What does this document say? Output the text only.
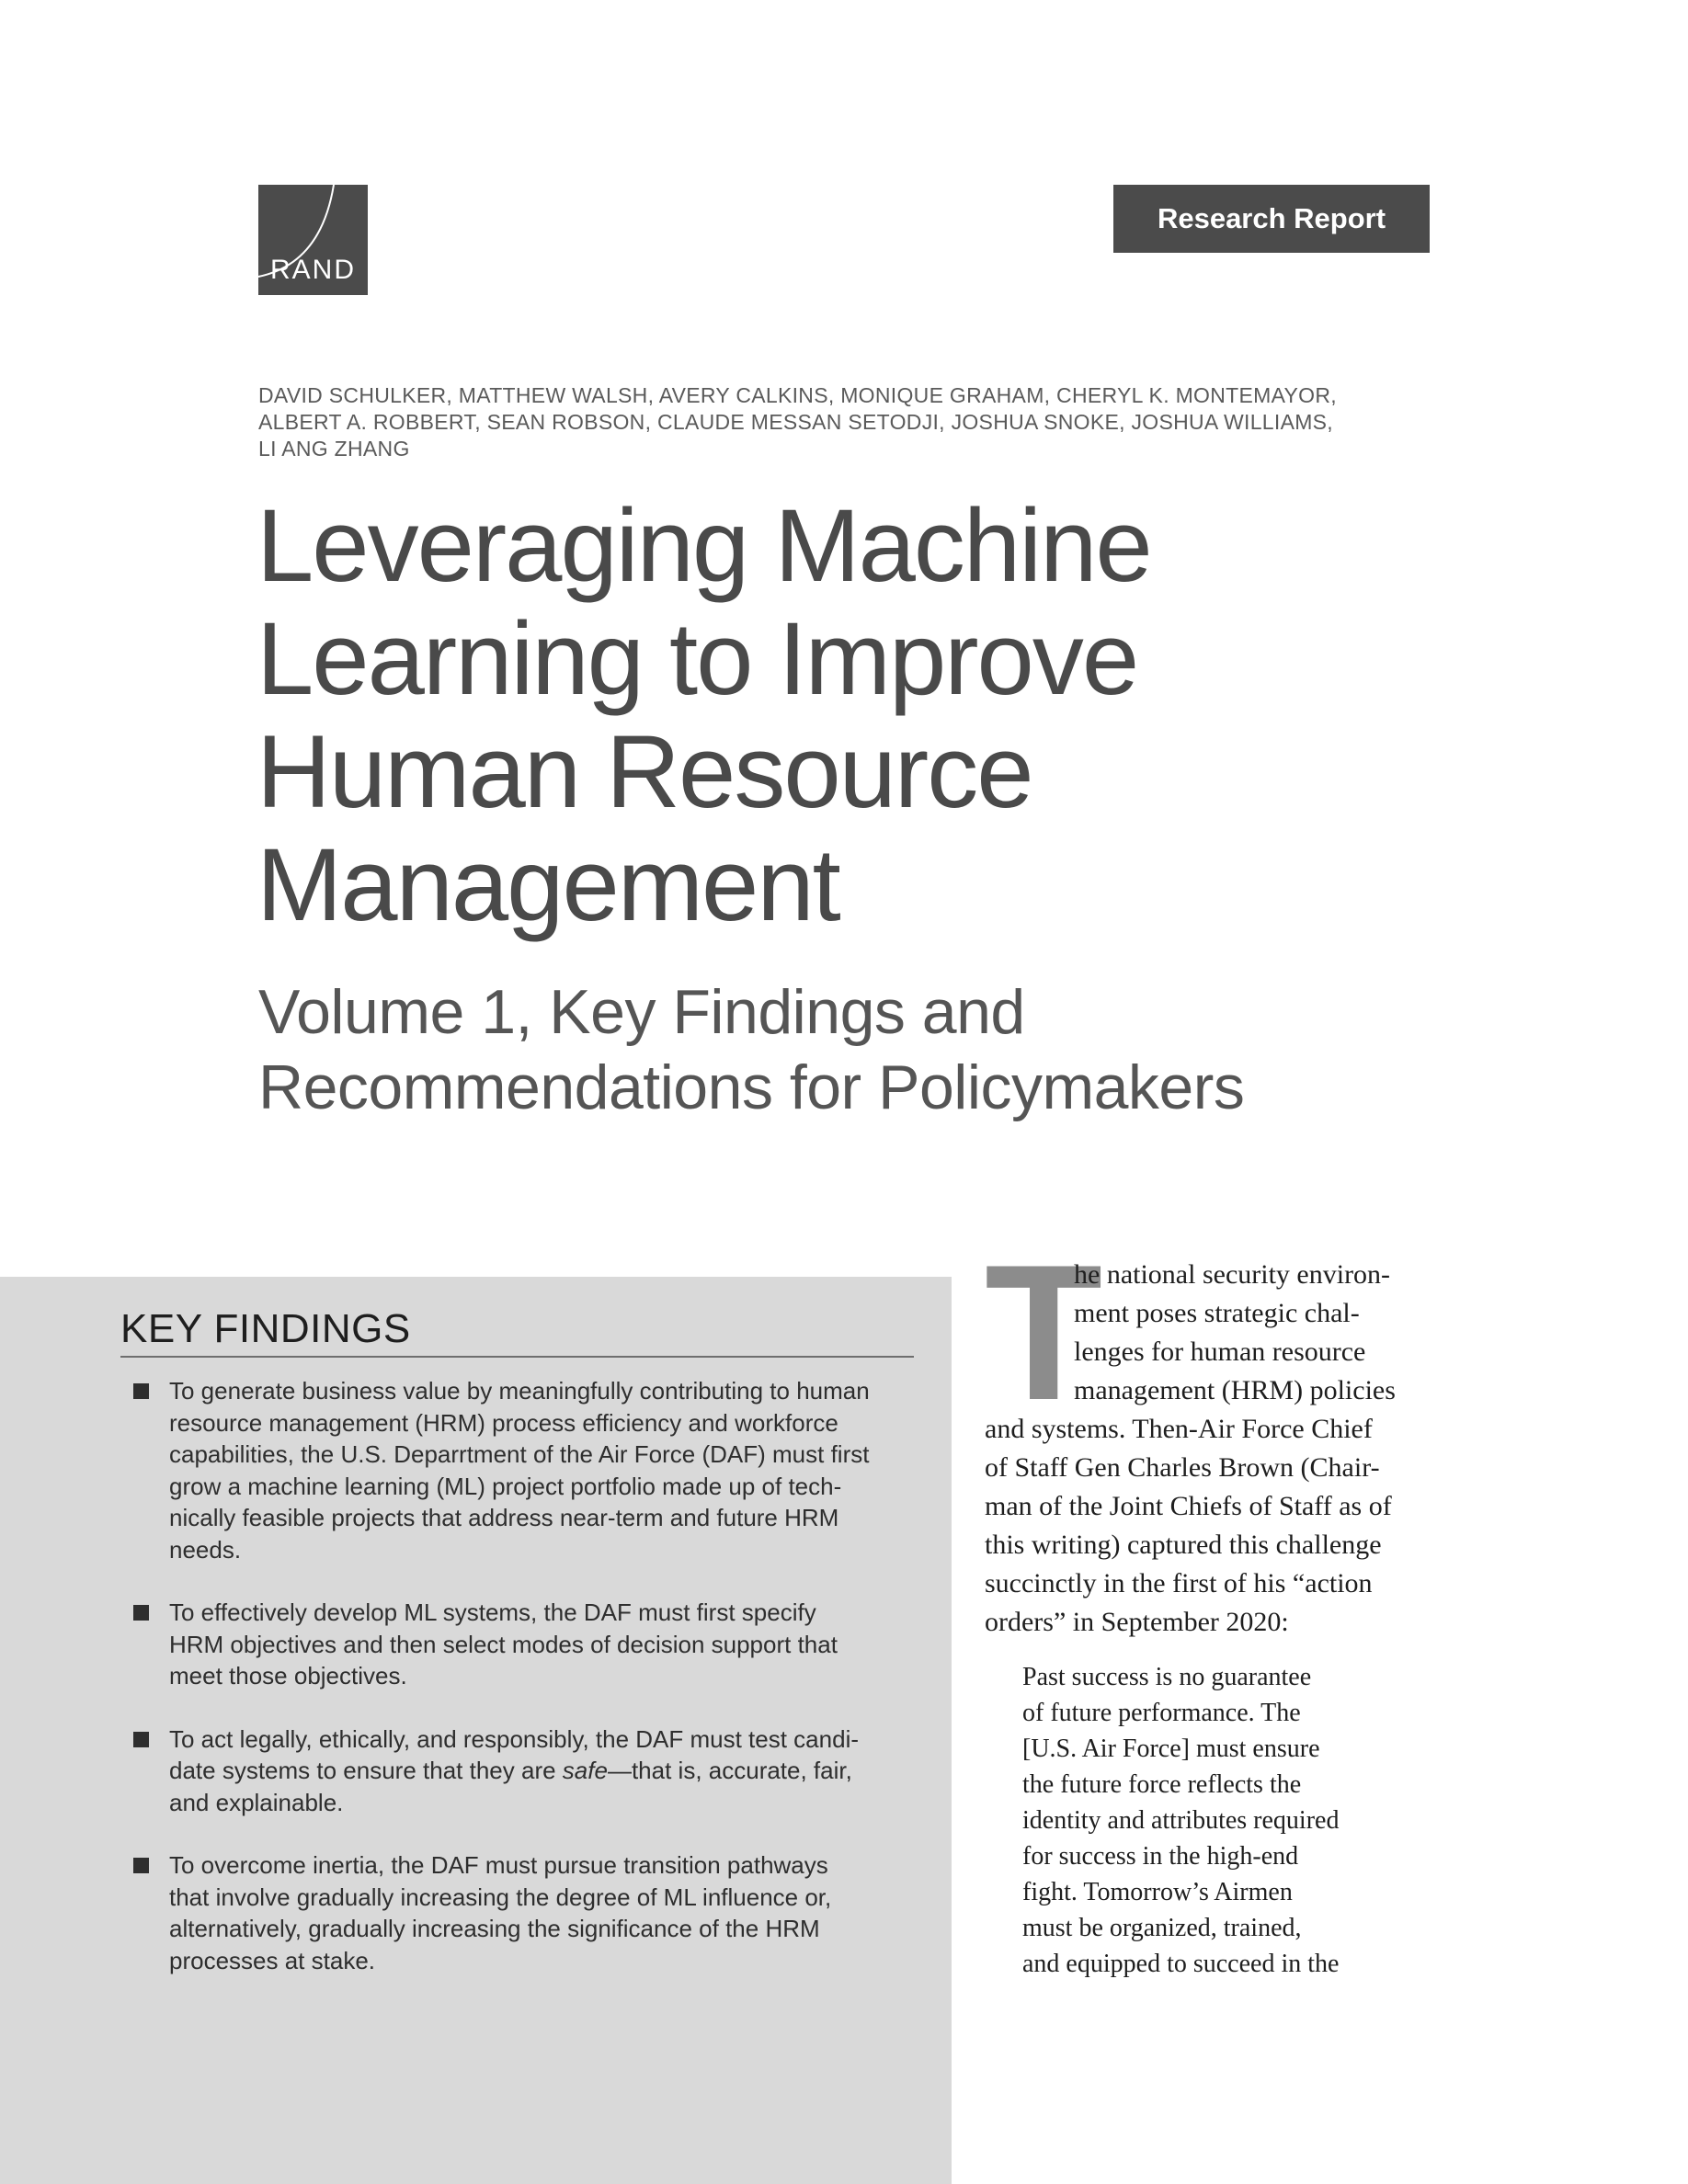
RAND
Research Report
DAVID SCHULKER, MATTHEW WALSH, AVERY CALKINS, MONIQUE GRAHAM, CHERYL K. MONTEMAYOR,
ALBERT A. ROBBERT, SEAN ROBSON, CLAUDE MESSAN SETODJI, JOSHUA SNOKE, JOSHUA WILLIAMS,
LI ANG ZHANG
Leveraging Machine
Learning to Improve
Human Resource
Management
Volume 1, Key Findings and
Recommendations for Policymakers
KEY FINDINGS
To generate business value by meaningfully contributing to human
resource management (HRM) process efficiency and workforce
capabilities, the U.S. Deparrtment of the Air Force (DAF) must first
grow a machine learning (ML) project portfolio made up of tech-
nically feasible projects that address near-term and future HRM
needs.
To effectively develop ML systems, the DAF must first specify
HRM objectives and then select modes of decision support that
meet those objectives.
To act legally, ethically, and responsibly, the DAF must test candi-
date systems to ensure that they are safe—that is, accurate, fair,
and explainable.
To overcome inertia, the DAF must pursue transition pathways
that involve gradually increasing the degree of ML influence or,
alternatively, gradually increasing the significance of the HRM
processes at stake.
T
he national security environ-
ment poses strategic chal-
lenges for human resource
management (HRM) policies
and systems. Then-Air Force Chief
of Staff Gen Charles Brown (Chair-
man of the Joint Chiefs of Staff as of
this writing) captured this challenge
succinctly in the first of his “action
orders” in September 2020:
Past success is no guarantee
of future performance. The
[U.S. Air Force] must ensure
the future force reflects the
identity and attributes required
for success in the high-end
fight. Tomorrow’s Airmen
must be organized, trained,
and equipped to succeed in the
